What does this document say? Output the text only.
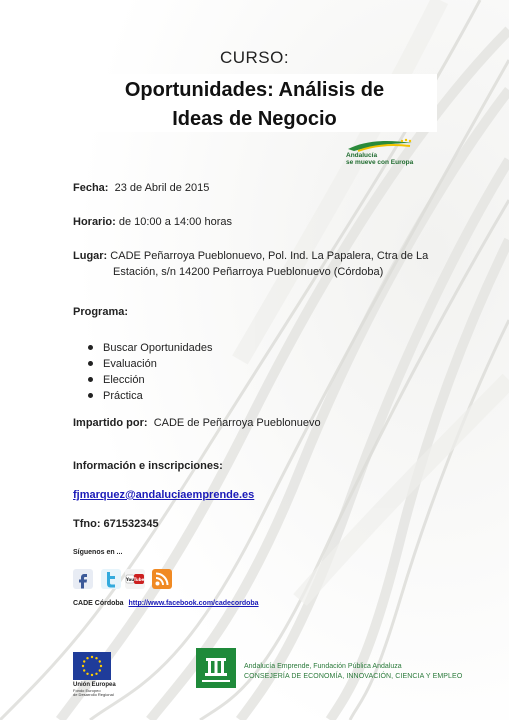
CURSO:
Oportunidades: Análisis de
Ideas de Negocio
Andalucía
se mueve con Europa
Fecha: 23 de Abril de 2015
Horario: de 10:00 a 14:00 horas
Lugar: CADE Peñarroya Pueblonuevo, Pol. Ind. La Papalera, Ctra de La
Estación, s/n 14200 Peñarroya Pueblonuevo (Córdoba)
Programa:
Buscar Oportunidades
Evaluación
Elección
Práctica
Impartido por: CADE de Peñarroya Pueblonuevo
Información e inscripciones:
fjmarquez@andaluciaemprende.es
Tfno: 671532345
Síguenos en ...
You Tube
CADE Córdoba http://www.facebook.com/cadecordoba
Unión Europea
Fondo Europeo
de Desarrollo Regional
Andalucía Emprende, Fundación Pública Andaluza
CONSEJERÍA DE ECONOMÍA, INNOVACIÓN, CIENCIA Y EMPLEO
